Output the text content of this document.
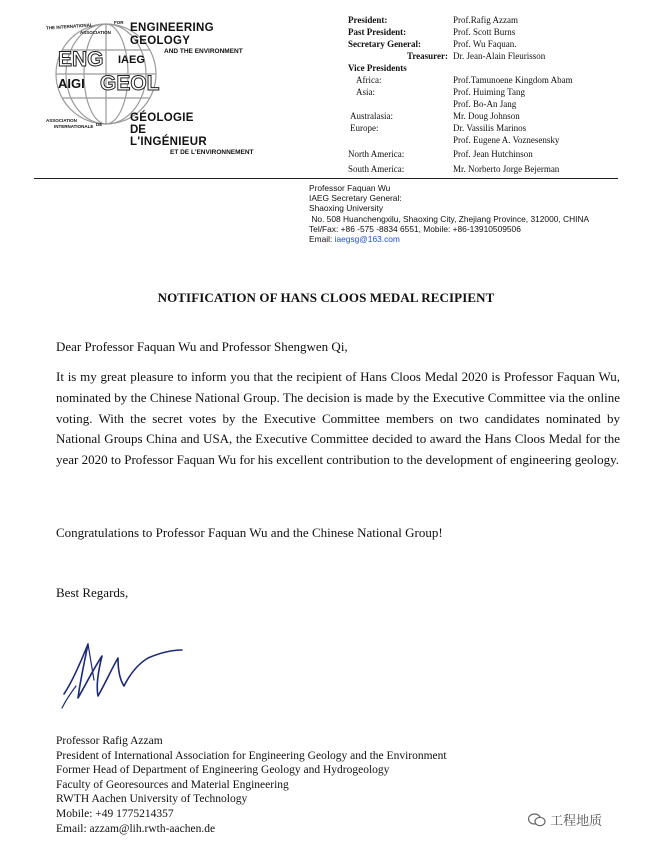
THE INTERNATIONAL
ASSOCIATION
FOR ENGINEERING
GEOLOGY
AND THE ENVIRONMENT
ENG IAEG
AIGI GEOL
ASSOCIATION
INTERNATIONALE DE
GÉOLOGIE
DE
L'INGÉNIEUR
ET DE L'ENVIRONNEMENT
President:	Prof.Rafig Azzam
Past President:	Prof. Scott Burns
Secretary General:	Prof. Wu Faquan.
Treasurer: Dr. Jean-Alain Fleurisson
Vice Presidents
Africa:	Prof.Tamunoene Kingdom Abam
Asia:	Prof. Huiming Tang
Prof. Bo-An Jang
Australasia:	Mr. Doug Johnson
Europe:	Dr. Vassilis Marinos
Prof. Eugene A. Voznesensky
North America:	Prof. Jean Hutchinson
South America:	Mr. Norberto Jorge Bejerman
Professor Faquan Wu
IAEG Secretary General:
Shaoxing University
No. 508 Huanchengxilu, Shaoxing City, Zhejiang Province, 312000, CHINA
Tel/Fax: +86 -575 -8834 6551, Mobile: +86-13910509506
Email: iaegsg@163.com
NOTIFICATION OF HANS CLOOS MEDAL RECIPIENT
Dear Professor Faquan Wu and Professor Shengwen Qi,
It is my great pleasure to inform you that the recipient of Hans Cloos Medal 2020 is Professor Faquan Wu, nominated by the Chinese National Group. The decision is made by the Executive Committee via the online voting. With the secret votes by the Executive Committee members on two candidates nominated by National Groups China and USA, the Executive Committee decided to award the Hans Cloos Medal for the year 2020 to Professor Faquan Wu for his excellent contribution to the development of engineering geology.
Congratulations to Professor Faquan Wu and the Chinese National Group!
Best Regards,
Professor Rafig Azzam
President of International Association for Engineering Geology and the Environment
Former Head of Department of Engineering Geology and Hydrogeology
Faculty of Georesources and Material Engineering
RWTH Aachen University of Technology
Mobile: +49 1775214357
Email: azzam@lih.rwth-aachen.de	工程地质
